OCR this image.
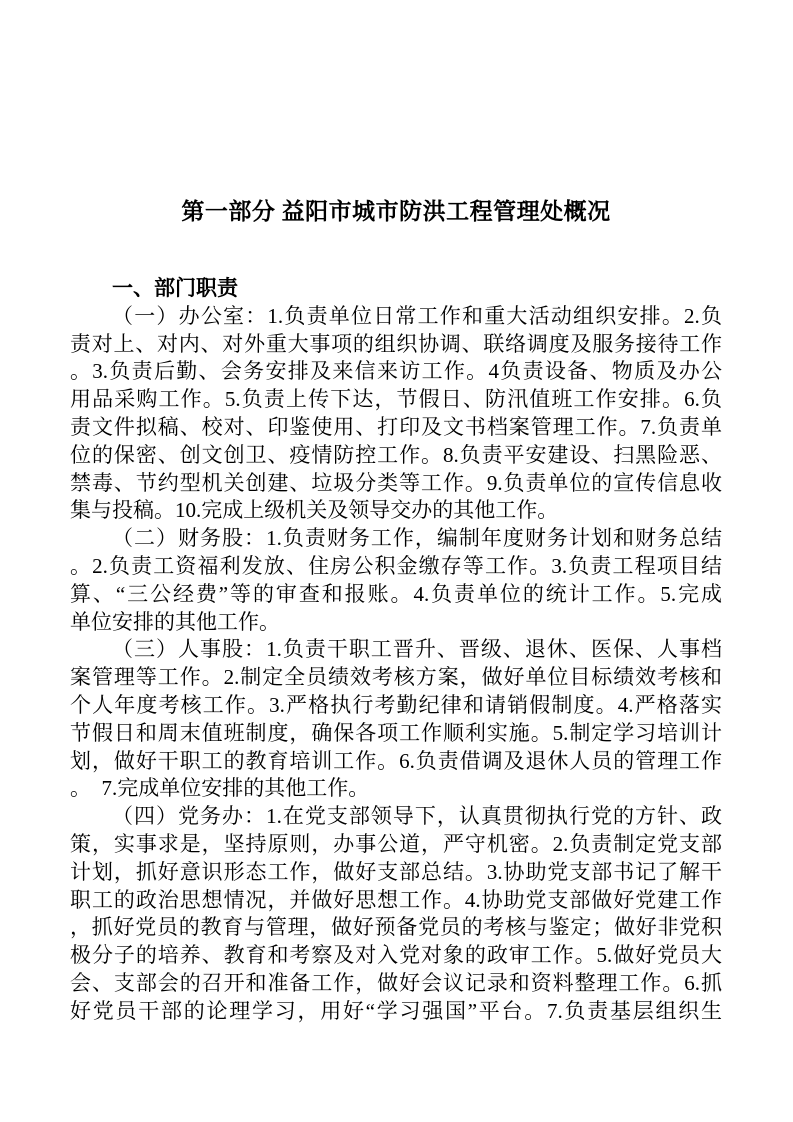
第一部分 益阳市城市防洪工程管理处概况
一、部门职责
（一）办公室：1.负责单位日常工作和重大活动组织安排。2.负
责对上、对内、对外重大事项的组织协调、联络调度及服务接待工作
。3.负责后勤、会务安排及来信来访工作。4负责设备、物质及办公
用品采购工作。5.负责上传下达，节假日、防汛值班工作安排。6.负
责文件拟稿、校对、印鉴使用、打印及文书档案管理工作。7.负责单
位的保密、创文创卫、疫情防控工作。8.负责平安建设、扫黑险恶、
禁毒、节约型机关创建、垃圾分类等工作。9.负责单位的宣传信息收
集与投稿。10.完成上级机关及领导交办的其他工作。
（二）财务股：1.负责财务工作，编制年度财务计划和财务总结
。2.负责工资福利发放、住房公积金缴存等工作。3.负责工程项目结
算、“三公经费”等的审查和报账。4.负责单位的统计工作。5.完成
单位安排的其他工作。
（三）人事股：1.负责干职工晋升、晋级、退休、医保、人事档
案管理等工作。2.制定全员绩效考核方案，做好单位目标绩效考核和
个人年度考核工作。3.严格执行考勤纪律和请销假制度。4.严格落实
节假日和周末值班制度，确保各项工作顺利实施。5.制定学习培训计
划，做好干职工的教育培训工作。6.负责借调及退休人员的管理工作
。　7.完成单位安排的其他工作。
（四）党务办：1.在党支部领导下，认真贯彻执行党的方针、政
策，实事求是，坚持原则，办事公道，严守机密。2.负责制定党支部
计划，抓好意识形态工作，做好支部总结。3.协助党支部书记了解干
职工的政治思想情况，并做好思想工作。4.协助党支部做好党建工作
，抓好党员的教育与管理，做好预备党员的考核与鉴定；做好非党积
极分子的培养、教育和考察及对入党对象的政审工作。5.做好党员大
会、支部会的召开和准备工作，做好会议记录和资料整理工作。6.抓
好党员干部的论理学习，用好“学习强国”平台。7.负责基层组织生
